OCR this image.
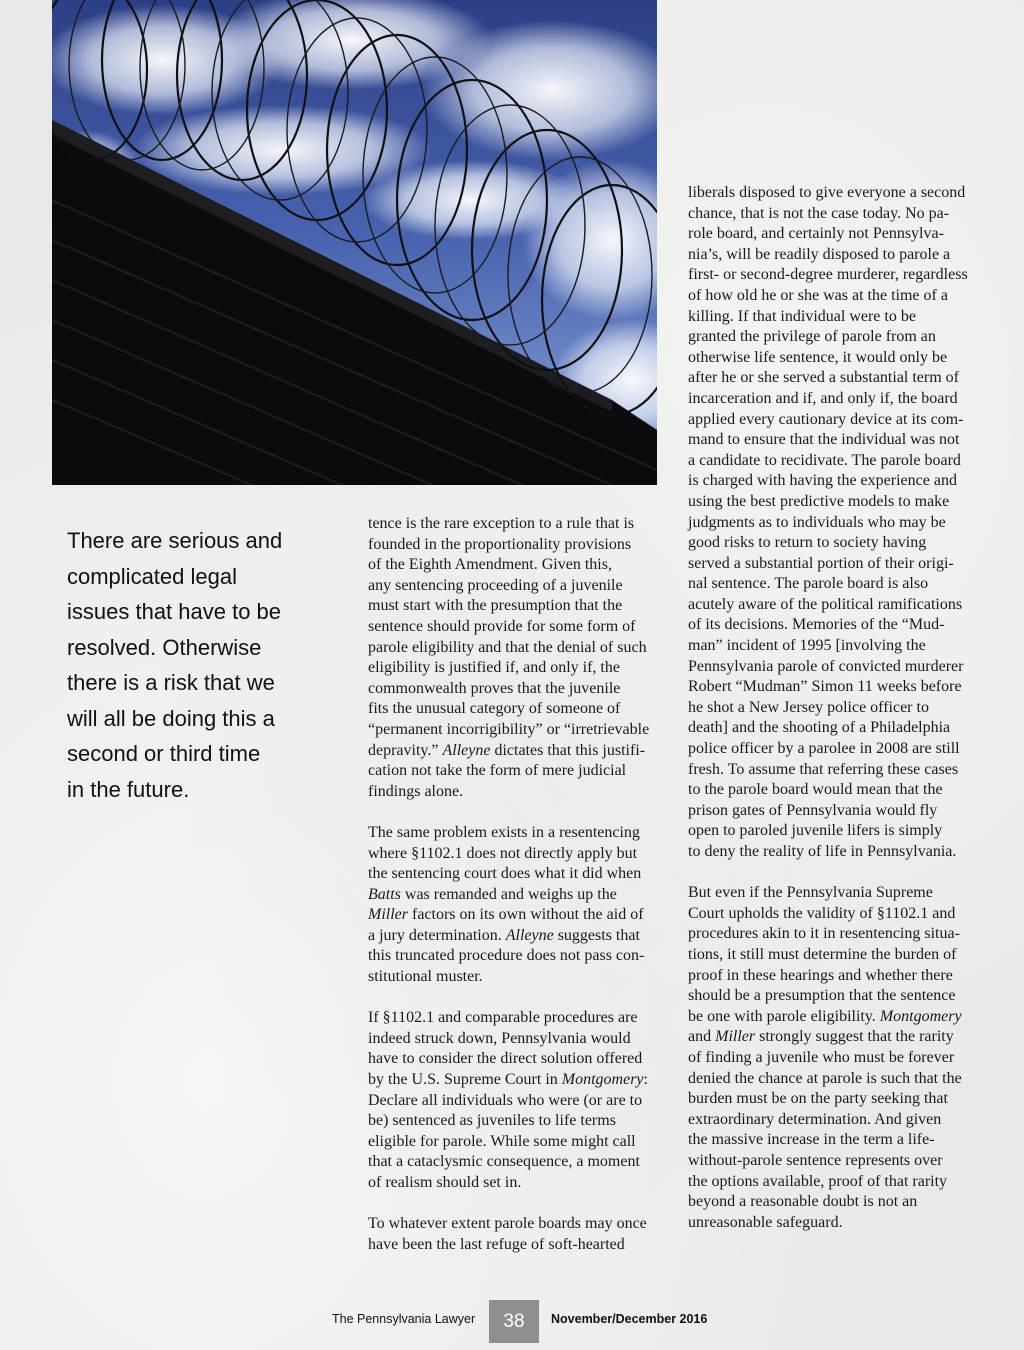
There are serious and

complicated legal

issues that have to be

resolved. Otherwise

there is a risk that we

will all be doing this a

second or third time

in the future.

tence is the rare exception to a rule that is
founded in the proportionality provisions
of the Eighth Amendment. Given this,
any sentencing proceeding of a juvenile
must start with the presumption that the
sentence should provide for some form of
parole eligibility and that the denial of such
eligibility is justified if, and only if, the
commonwealth proves that the juvenile
fits the unusual category of someone of
“permanent incorrigibility” or “irretrievable
depravity.” Alleyne dictates that this justifi-
cation not take the form of mere judicial
findings alone.

The same problem exists in a resentencing
where §1102.1 does not directly apply but
the sentencing court does what it did when
Batts was remanded and weighs up the
Miller factors on its own without the aid of
a jury determination. Alleyne suggests that
this truncated procedure does not pass con-
stitutional muster.

If §1102.1 and comparable procedures are
indeed struck down, Pennsylvania would
have to consider the direct solution offered
by the U.S. Supreme Court in Montgomery:
Declare all individuals who were (or are to
be) sentenced as juveniles to life terms
eligible for parole. While some might call
that a cataclysmic consequence, a moment
of realism should set in.

To whatever extent parole boards may once
have been the last refuge of soft-hearted

liberals disposed to give everyone a second
chance, that is not the case today. No pa-
role board, and certainly not Pennsylva-
nia’s, will be readily disposed to parole a
first- or second-degree murderer, regardless
of how old he or she was at the time of a
killing. If that individual were to be
granted the privilege of parole from an
otherwise life sentence, it would only be
after he or she served a substantial term of
incarceration and if, and only if, the board
applied every cautionary device at its com-
mand to ensure that the individual was not
a candidate to recidivate. The parole board
is charged with having the experience and
using the best predictive models to make
judgments as to individuals who may be
good risks to return to society having
served a substantial portion of their origi-
nal sentence. The parole board is also
acutely aware of the political ramifications
of its decisions. Memories of the “Mud-
man” incident of 1995 [involving the
Pennsylvania parole of convicted murderer
Robert “Mudman” Simon 11 weeks before
he shot a New Jersey police officer to
death] and the shooting of a Philadelphia
police officer by a parolee in 2008 are still
fresh. To assume that referring these cases
to the parole board would mean that the
prison gates of Pennsylvania would fly
open to paroled juvenile lifers is simply
to deny the reality of life in Pennsylvania.

But even if the Pennsylvania Supreme
Court upholds the validity of §1102.1 and
procedures akin to it in resentencing situa-
tions, it still must determine the burden of
proof in these hearings and whether there
should be a presumption that the sentence
be one with parole eligibility. Montgomery
and Miller strongly suggest that the rarity
of finding a juvenile who must be forever
denied the chance at parole is such that the
burden must be on the party seeking that
extraordinary determination. And given
the massive increase in the term a life-
without-parole sentence represents over
the options available, proof of that rarity
beyond a reasonable doubt is not an
unreasonable safeguard.

The Pennsylvania Lawyer	38	November/December 2016
